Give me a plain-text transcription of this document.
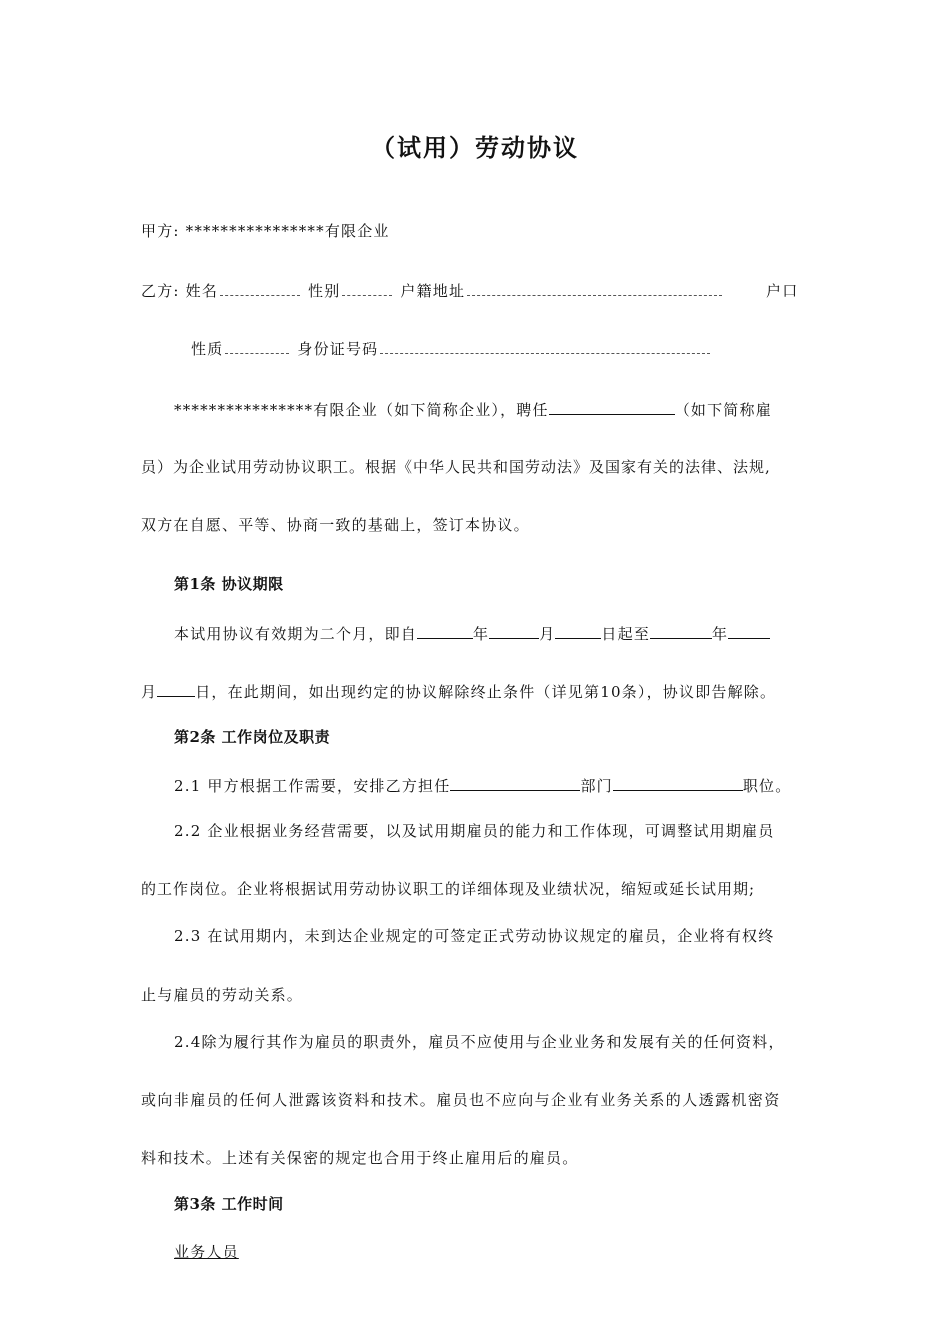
（试用）劳动协议
甲方: ****************有限企业
乙方: 姓名	性别	户籍地址	户口
性质	身份证号码
****************有限企业（如下简称企业），聘任	（如下简称雇
员）为企业试用劳动协议职工。根据《中华人民共和国劳动法》及国家有关的法律、法规,
双方在自愿、平等、协商一致的基础上，签订本协议。
第1条 协议期限
本试用协议有效期为二个月，即自	年	月	日起至	年
月	日，在此期间，如出现约定的协议解除终止条件（详见第10条），协议即告解除。
第2条 工作岗位及职责
2.1 甲方根据工作需要，安排乙方担任	部门	职位。
2.2 企业根据业务经营需要，以及试用期雇员的能力和工作体现，可调整试用期雇员
的工作岗位。企业将根据试用劳动协议职工的详细体现及业绩状况，缩短或延长试用期;
2.3 在试用期内，未到达企业规定的可签定正式劳动协议规定的雇员，企业将有权终
止与雇员的劳动关系。
2.4除为履行其作为雇员的职责外，雇员不应使用与企业业务和发展有关的任何资料，
或向非雇员的任何人泄露该资料和技术。雇员也不应向与企业有业务关系的人透露机密资
料和技术。上述有关保密的规定也合用于终止雇用后的雇员。
第3条 工作时间
业务人员
